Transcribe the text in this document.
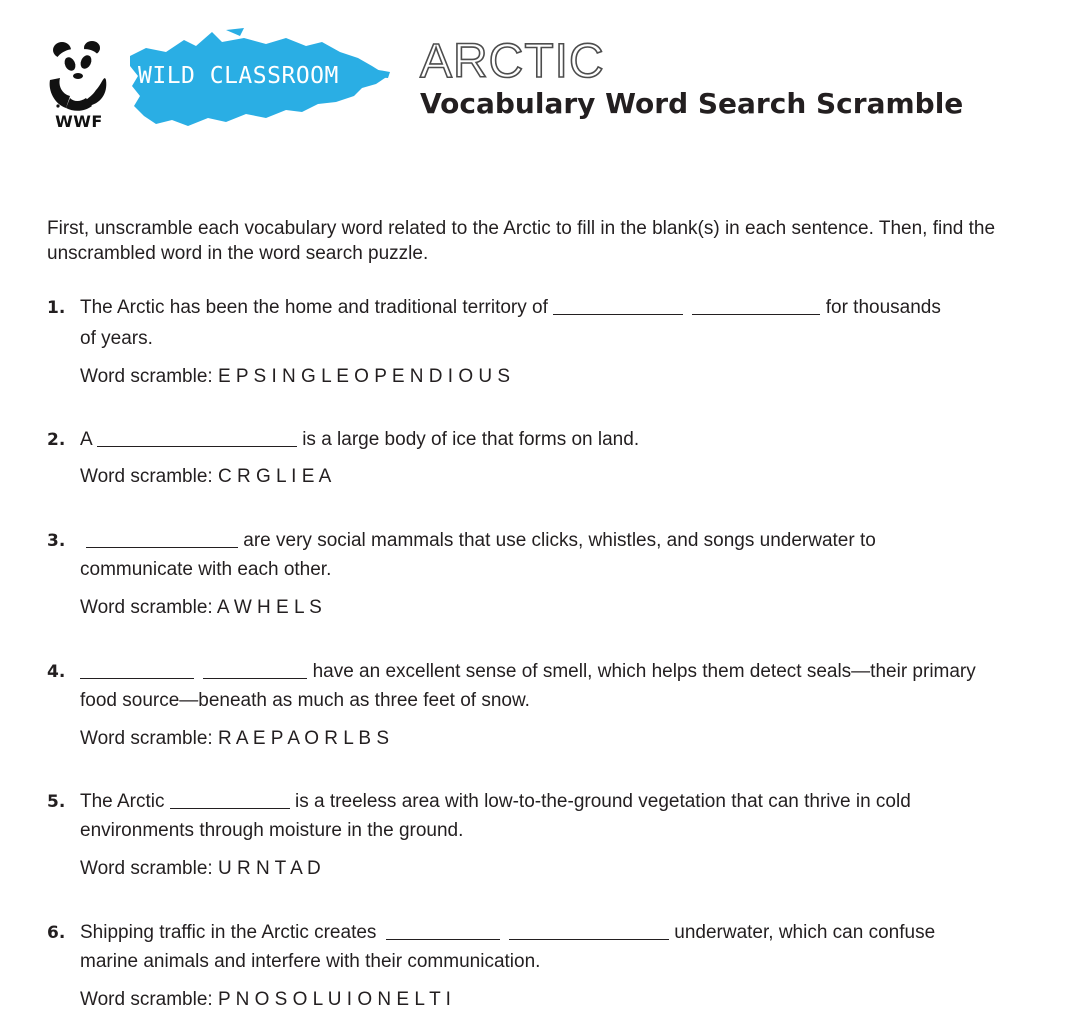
WWF
WILD CLASSROOM ARCTIC
Vocabulary Word Search Scramble
First, unscramble each vocabulary word related to the Arctic to fill in the blank(s) in each sentence. Then, find the unscrambled word in the word search puzzle.
1. The Arctic has been the home and traditional territory of	for thousands
of years.
Word scramble: E P S I N G L E O P E N D I O U S
2. A	is a large body of ice that forms on land.
Word scramble: C R G L I E A
3.	are very social mammals that use clicks, whistles, and songs underwater to
communicate with each other.
Word scramble: A W H E L S
4.	have an excellent sense of smell, which helps them detect seals—their primary
food source—beneath as much as three feet of snow.
Word scramble: R A E P A O R L B S
5. The Arctic	is a treeless area with low-to-the-ground vegetation that can thrive in cold
environments through moisture in the ground.
Word scramble: U R N T A D
6. Shipping traffic in the Arctic creates	underwater, which can confuse
marine animals and interfere with their communication.
Word scramble: P N O S O L U I O N E L T I
